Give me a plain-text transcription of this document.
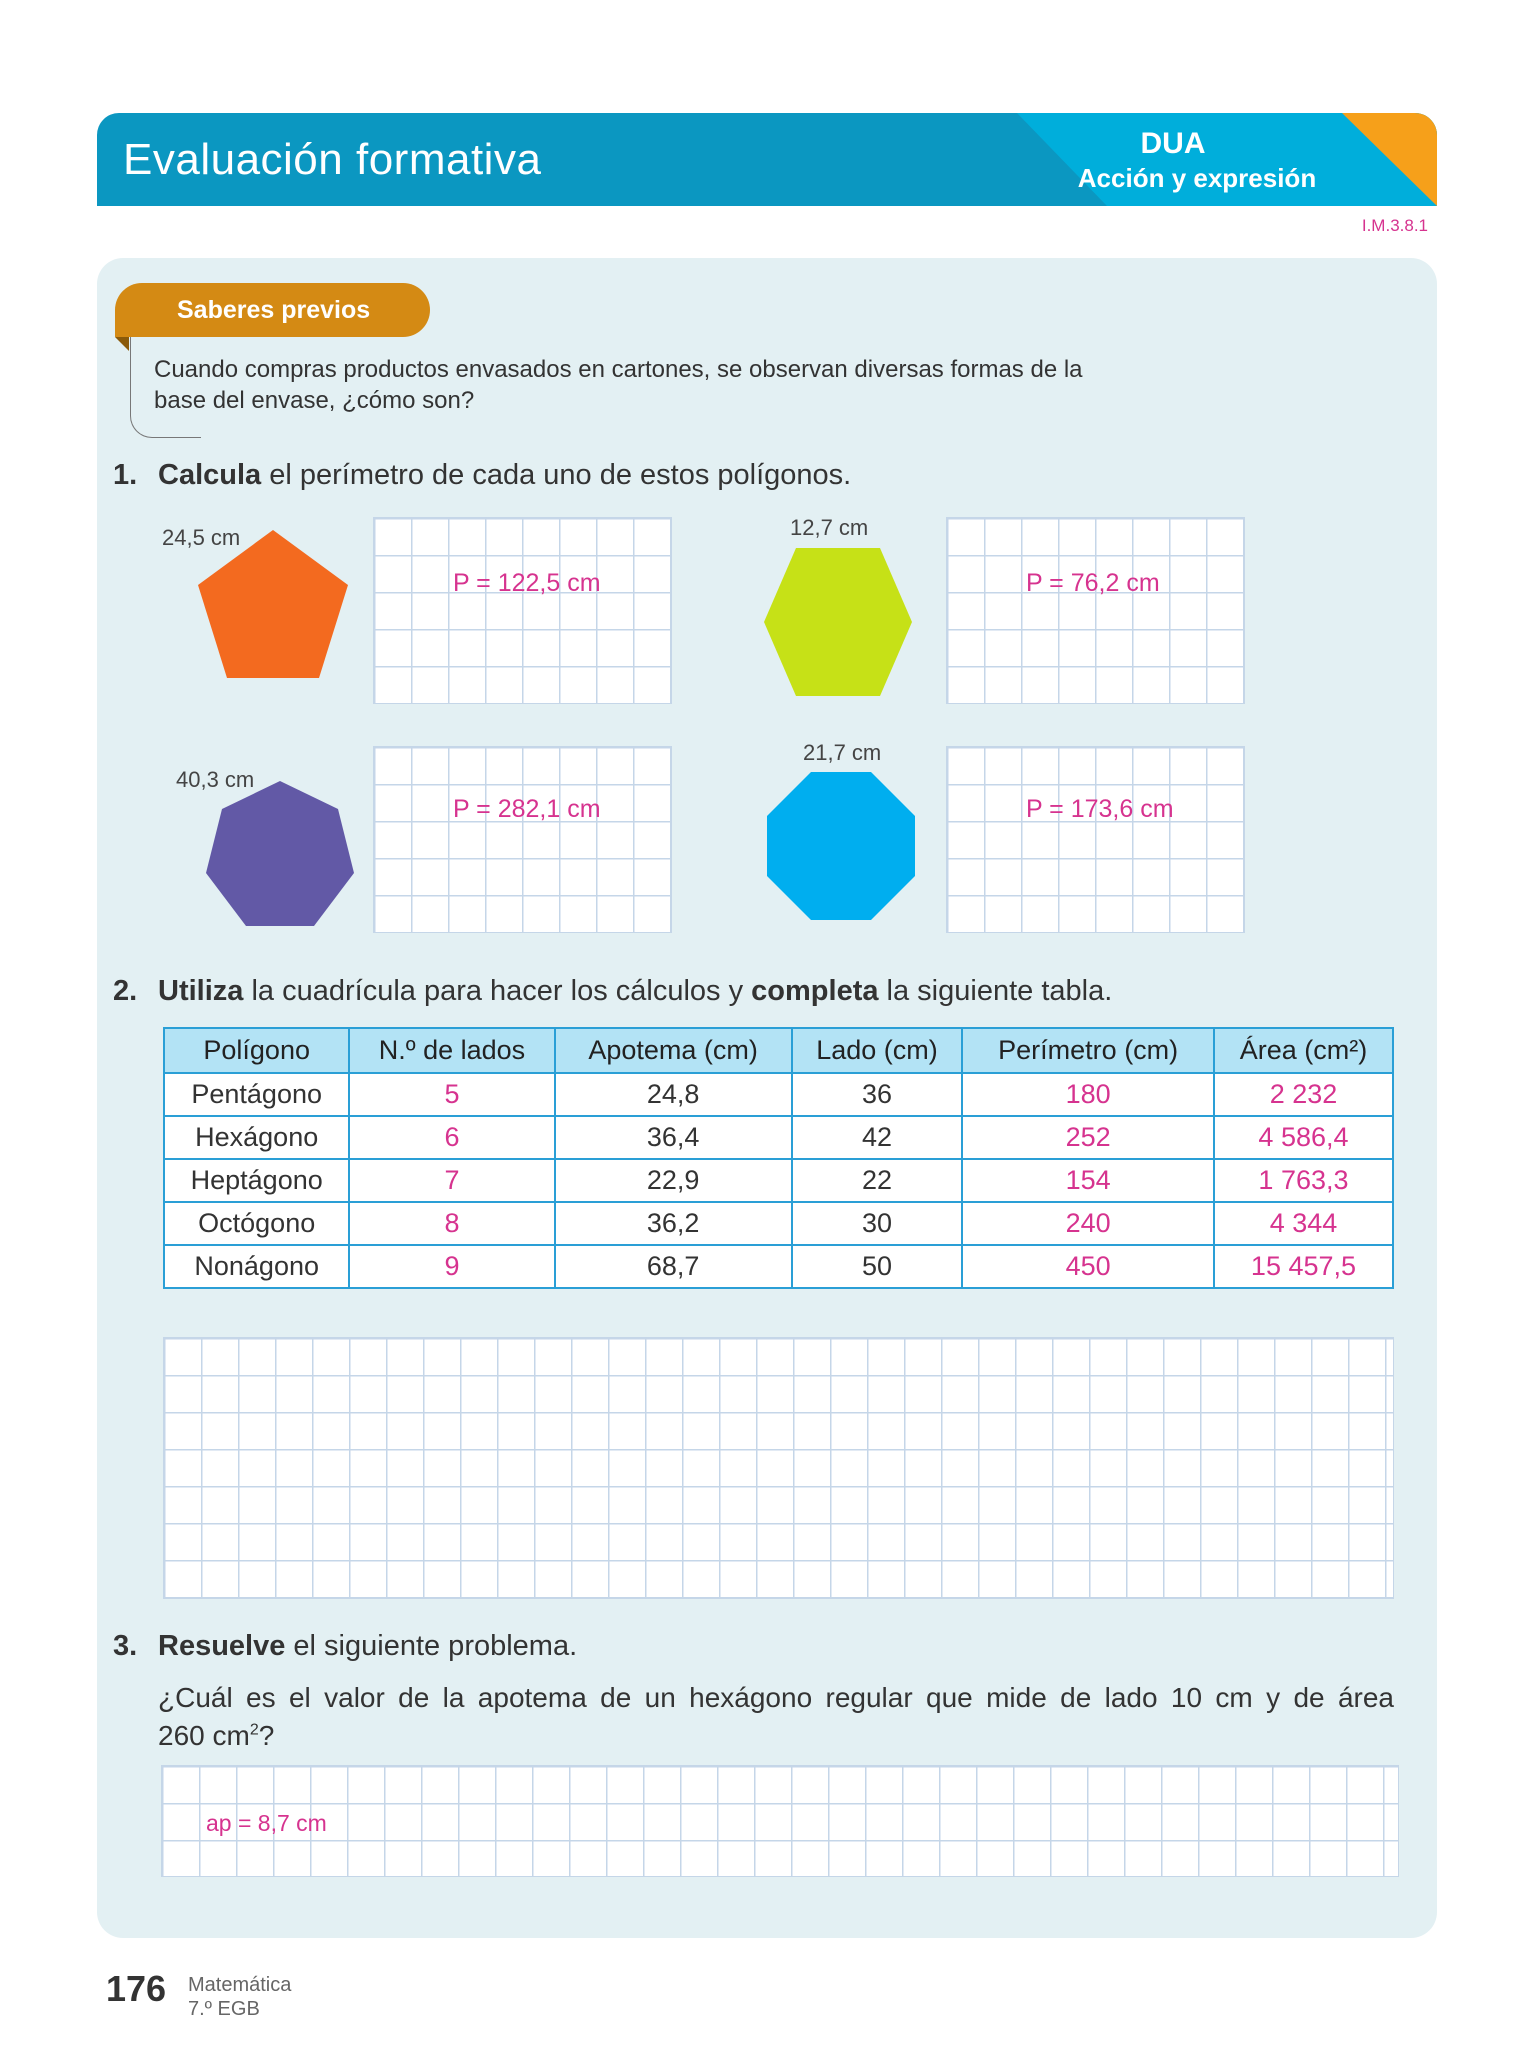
Evaluación formativa	DUA
Acción y expresión
I.M.3.8.1
Saberes previos
Cuando compras productos envasados en cartones, se observan diversas formas de la
base del envase, ¿cómo son?
1. Calcula el perímetro de cada uno de estos polígonos.
24,5 cm
P = 122,5 cm
12,7 cm
P = 76,2 cm
40,3 cm
P = 282,1 cm
21,7 cm
P = 173,6 cm
2. Utiliza la cuadrícula para hacer los cálculos y completa la siguiente tabla.
Polígono	N.º de lados	Apotema (cm)	Lado (cm)	Perímetro (cm)	Área (cm²)
Pentágono	5	24,8	36	180	2 232
Hexágono	6	36,4	42	252	4 586,4
Heptágono	7	22,9	22	154	1 763,3
Octógono	8	36,2	30	240	4 344
Nonágono	9	68,7	50	450	15 457,5
3. Resuelve el siguiente problema.
¿Cuál es el valor de la apotema de un hexágono regular que mide de lado 10 cm y de área
260 $cm^2$?
ap = 8,7 cm
176 Matemática
7.º EGB
